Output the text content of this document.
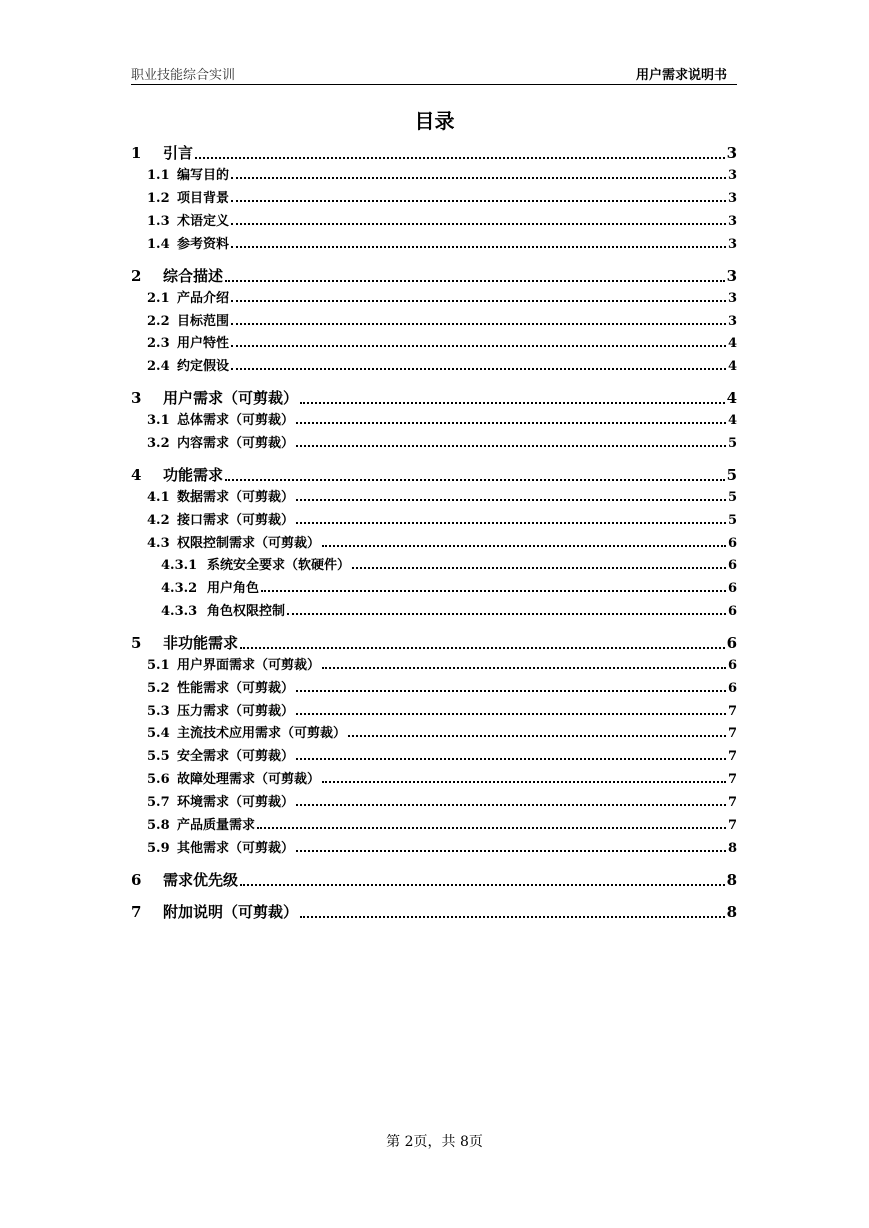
职业技能综合实训	用户需求说明书
目录
1	引言	3
1.1 编写目的	3
1.2 项目背景	3
1.3 术语定义	3
1.4 参考资料	3
2	综合描述	3
2.1 产品介绍	3
2.2 目标范围	3
2.3 用户特性	4
2.4 约定假设	4
3	用户需求（可剪裁）	4
3.1 总体需求（可剪裁）	4
3.2 内容需求（可剪裁）	5
4	功能需求	5
4.1 数据需求（可剪裁）	5
4.2 接口需求（可剪裁）	5
4.3 权限控制需求（可剪裁）	6
4.3.1 系统安全要求（软硬件）	6
4.3.2 用户角色	6
4.3.3 角色权限控制	6
5	非功能需求	6
5.1 用户界面需求（可剪裁）	6
5.2 性能需求（可剪裁）	6
5.3 压力需求（可剪裁）	7
5.4 主流技术应用需求（可剪裁）	7
5.5 安全需求（可剪裁）	7
5.6 故障处理需求（可剪裁）	7
5.7 环境需求（可剪裁）	7
5.8 产品质量需求	7
5.9 其他需求（可剪裁）	8
6	需求优先级	8
7	附加说明（可剪裁）	8
第 2页，共 8页
